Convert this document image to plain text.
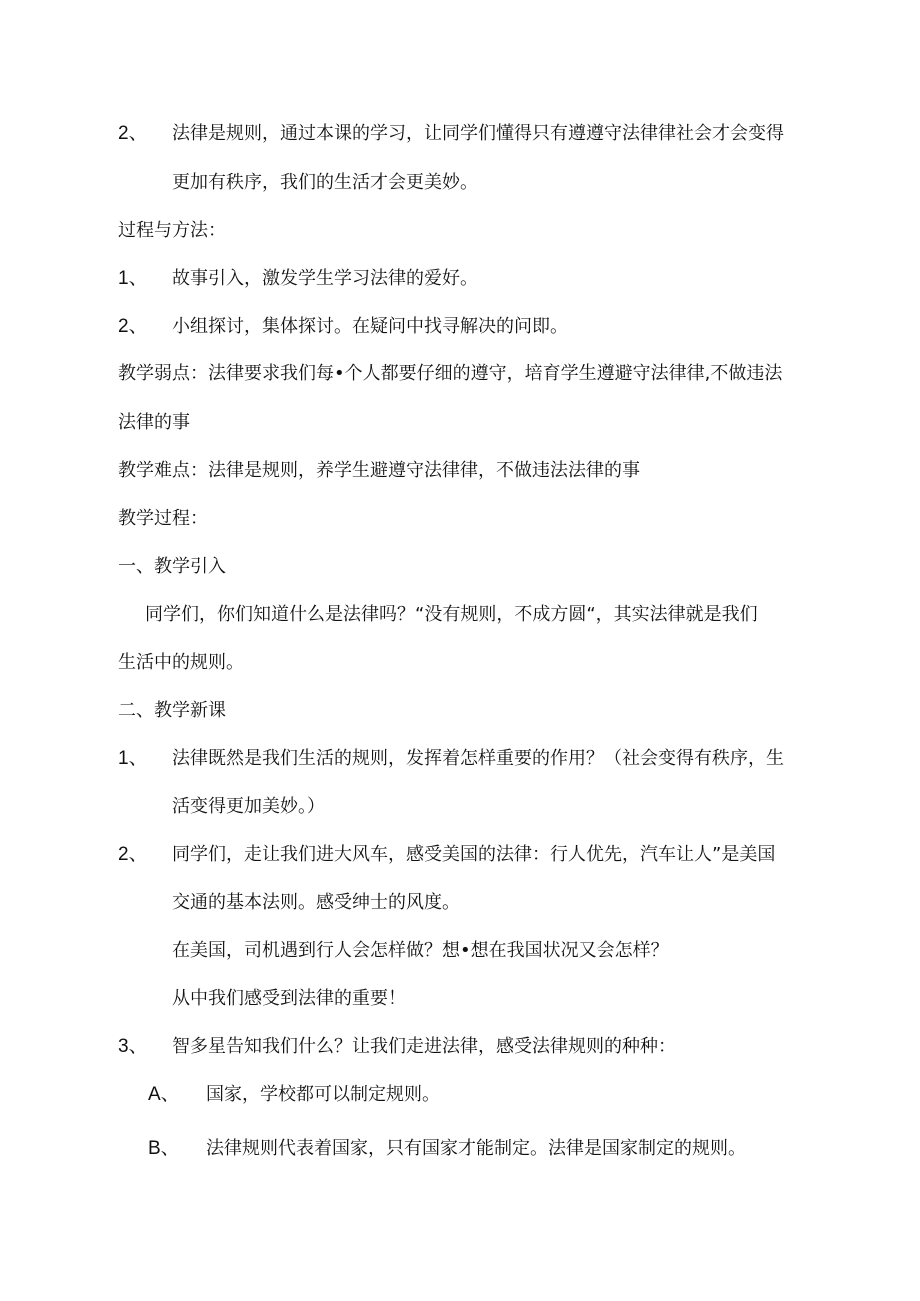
2、 法律是规则，通过本课的学习，让同学们懂得只有遵遵守法律律社会才会变得
更加有秩序，我们的生活才会更美妙。
过程与方法：
1、 故事引入，激发学生学习法律的爱好。
2、 小组探讨，集体探讨。在疑问中找寻解决的问即。
教学弱点：法律要求我们每•个人都要仔细的遵守，培育学生遵避守法律律,不做违法
法律的事
教学难点：法律是规则，养学生避遵守法律律，不做违法法律的事
教学过程：
一、教学引入
同学们，你们知道什么是法律吗？“没有规则，不成方圆“，其实法律就是我们
生活中的规则。
二、教学新课
1、 法律既然是我们生活的规则，发挥着怎样重要的作用？（社会变得有秩序，生
活变得更加美妙。）
2、 同学们，走让我们进大风车，感受美国的法律：行人优先，汽车让人”是美国
交通的基本法则。感受绅士的风度。
在美国，司机遇到行人会怎样做？想•想在我国状况又会怎样？
从中我们感受到法律的重要！
3、 智多星告知我们什么？让我们走进法律，感受法律规则的种种：
A、 国家，学校都可以制定规则。
B、 法律规则代表着国家，只有国家才能制定。法律是国家制定的规则。
